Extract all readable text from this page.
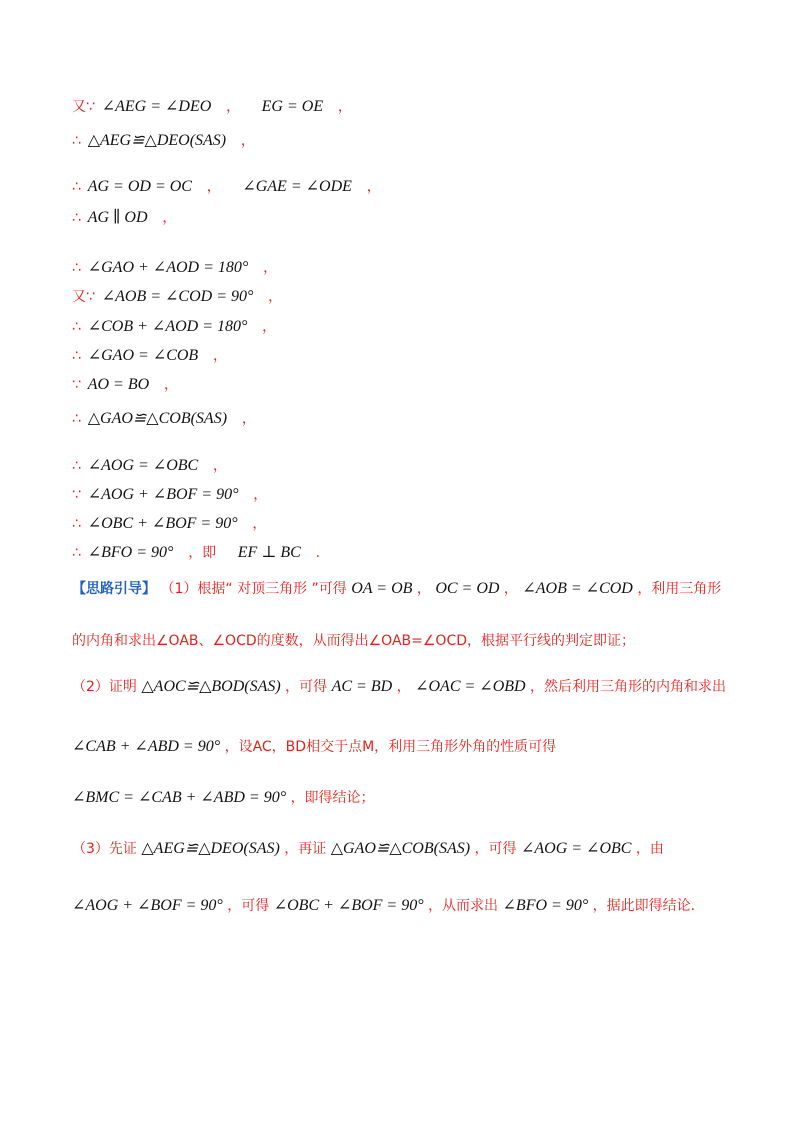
又∵ ∠AEG = ∠DEO ， EG = OE ，
∴ △AEG≌△DEO(SAS) ，
∴ AG = OD = OC ， ∠GAE = ∠ODE ，
∴ AG ∥ OD ，
∴ ∠GAO + ∠AOD = 180° ，
又∵ ∠AOB = ∠COD = 90° ，
∴ ∠COB + ∠AOD = 180° ，
∴ ∠GAO = ∠COB ，
∵ AO = BO ，
∴ △GAO≌△COB(SAS) ，
∴ ∠AOG = ∠OBC ，
∵ ∠AOG + ∠BOF = 90° ，
∴ ∠OBC + ∠BOF = 90° ，
∴ ∠BFO = 90° ，即 EF ⊥ BC .
【思路引导】 （1）根据“ 对顶三角形 ”可得 OA = OB ， OC = OD ， ∠AOB = ∠COD ，利用三角形
的内角和求出∠OAB、∠OCD的度数，从而得出∠OAB=∠OCD，根据平行线的判定即证；
（2）证明 △AOC≌△BOD(SAS) ，可得 AC = BD ， ∠OAC = ∠OBD ，然后利用三角形的内角和求出
∠CAB + ∠ABD = 90° ，设AC，BD相交于点M，利用三角形外角的性质可得
∠BMC = ∠CAB + ∠ABD = 90° ，即得结论；
（3）先证 △AEG≌△DEO(SAS) ，再证 △GAO≌△COB(SAS) ，可得 ∠AOG = ∠OBC ，由
∠AOG + ∠BOF = 90° ，可得 ∠OBC + ∠BOF = 90° ，从而求出 ∠BFO = 90° ，据此即得结论.
